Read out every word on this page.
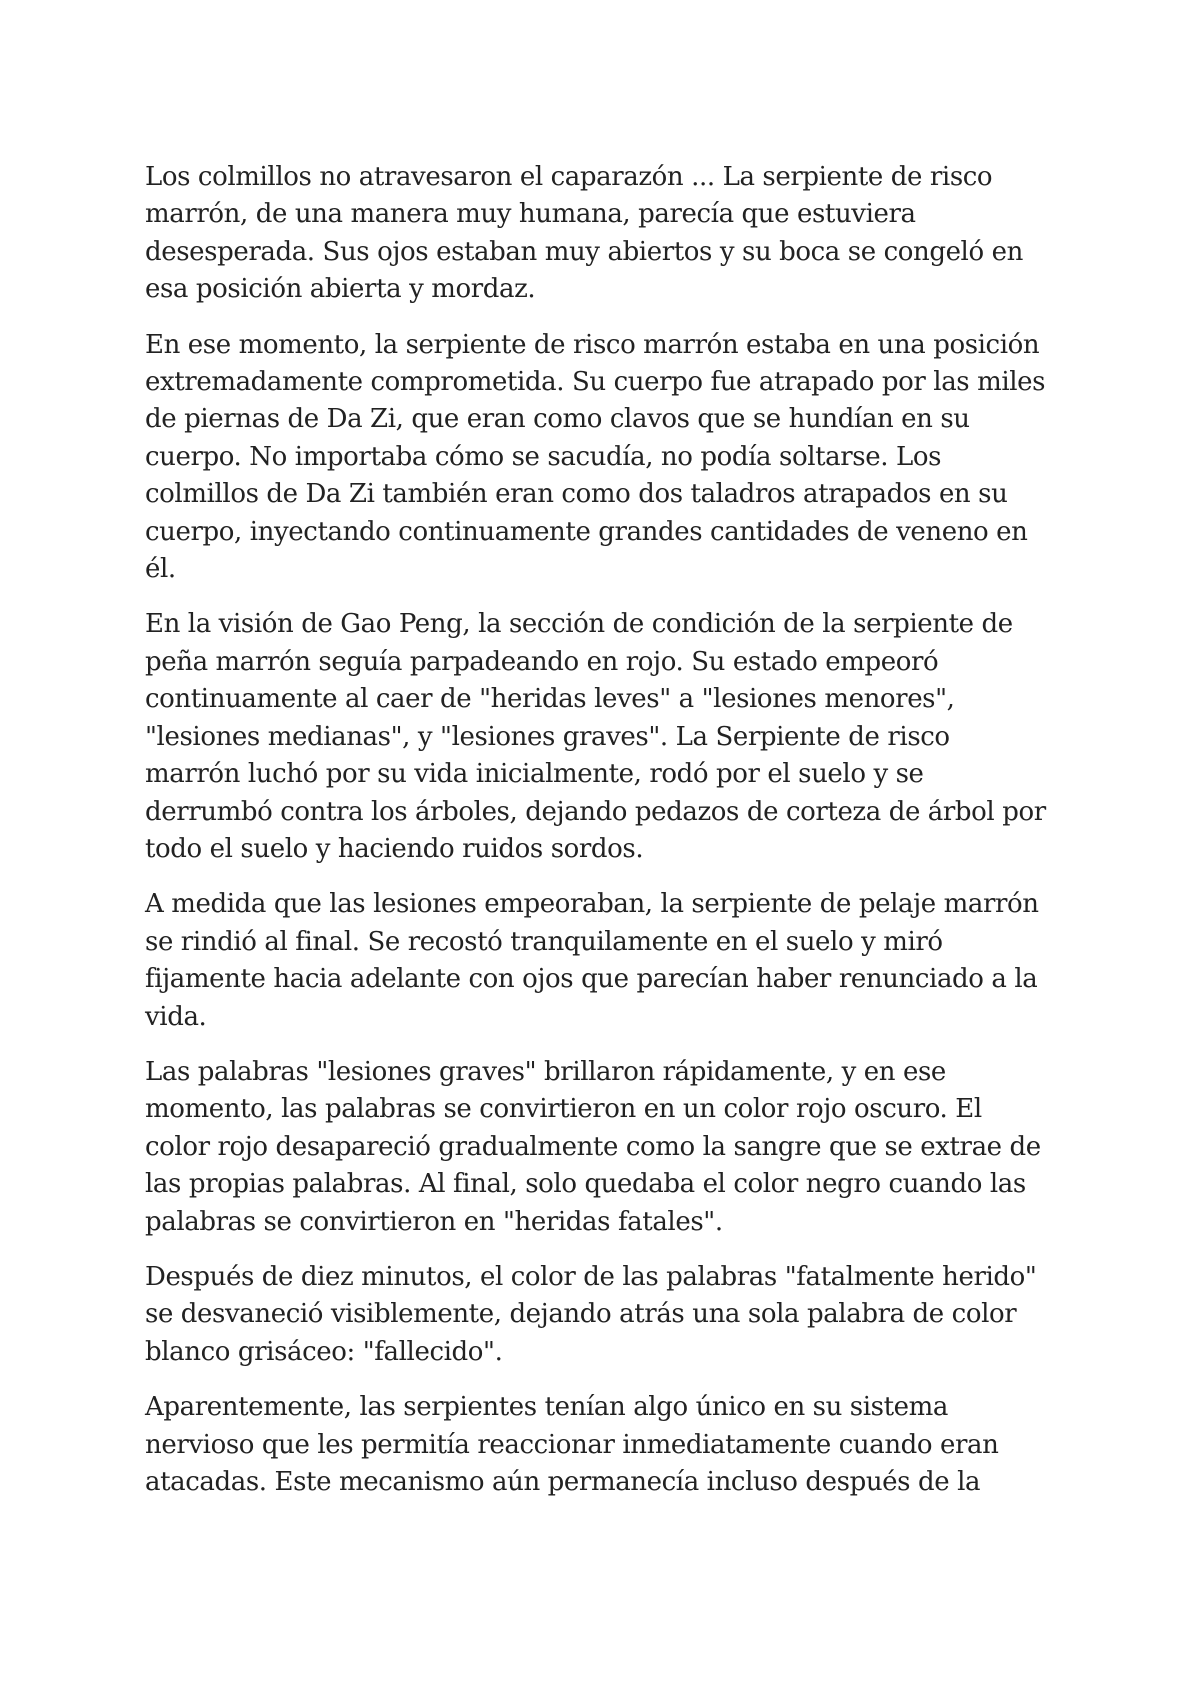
Los colmillos no atravesaron el caparazón ... La serpiente de risco marrón, de una manera muy humana, parecía que estuviera desesperada. Sus ojos estaban muy abiertos y su boca se congeló en esa posición abierta y mordaz.

En ese momento, la serpiente de risco marrón estaba en una posición extremadamente comprometida. Su cuerpo fue atrapado por las miles de piernas de Da Zi, que eran como clavos que se hundían en su cuerpo. No importaba cómo se sacudía, no podía soltarse. Los colmillos de Da Zi también eran como dos taladros atrapados en su cuerpo, inyectando continuamente grandes cantidades de veneno en él.

En la visión de Gao Peng, la sección de condición de la serpiente de peña marrón seguía parpadeando en rojo. Su estado empeoró continuamente al caer de "heridas leves" a "lesiones menores", "lesiones medianas", y "lesiones graves". La Serpiente de risco marrón luchó por su vida inicialmente, rodó por el suelo y se derrumbó contra los árboles, dejando pedazos de corteza de árbol por todo el suelo y haciendo ruidos sordos.

A medida que las lesiones empeoraban, la serpiente de pelaje marrón se rindió al final. Se recostó tranquilamente en el suelo y miró fijamente hacia adelante con ojos que parecían haber renunciado a la vida.

Las palabras "lesiones graves" brillaron rápidamente, y en ese momento, las palabras se convirtieron en un color rojo oscuro. El color rojo desapareció gradualmente como la sangre que se extrae de las propias palabras. Al final, solo quedaba el color negro cuando las palabras se convirtieron en "heridas fatales".

Después de diez minutos, el color de las palabras "fatalmente herido" se desvaneció visiblemente, dejando atrás una sola palabra de color blanco grisáceo: "fallecido".

Aparentemente, las serpientes tenían algo único en su sistema nervioso que les permitía reaccionar inmediatamente cuando eran atacadas. Este mecanismo aún permanecía incluso después de la
